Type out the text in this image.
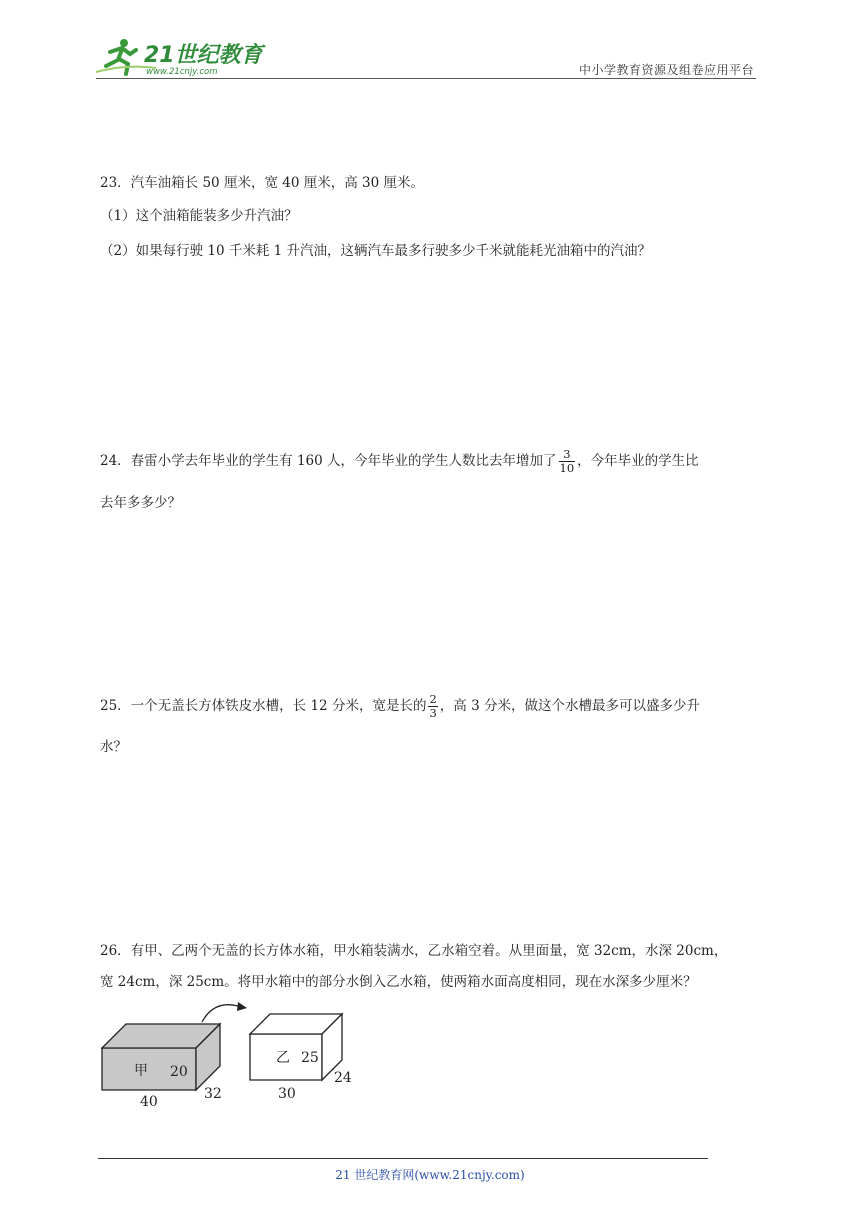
21世纪教育
www.21cnjy.com	中小学教育资源及组卷应用平台
23．汽车油箱长 50 厘米，宽 40 厘米，高 30 厘米。
（1）这个油箱能装多少升汽油？
（2）如果每行驶 10 千米耗 1 升汽油，这辆汽车最多行驶多少千米就能耗光油箱中的汽油？
24．春雷小学去年毕业的学生有 160 人，今年毕业的学生人数比去年增加了 $\frac{3}{10}$ ，今年毕业的学生比
去年多多少？
25．一个无盖长方体铁皮水槽，长 12 分米，宽是长的 $\frac{2}{3}$ ，高 3 分米，做这个水槽最多可以盛多少升
水？
26．有甲、乙两个无盖的长方体水箱，甲水箱装满水，乙水箱空着。从里面量，宽 32cm，水深 20cm，
宽 24cm，深 25cm。将甲水箱中的部分水倒入乙水箱，使两箱水面高度相同，现在水深多少厘米？
甲 20
40	32
乙 25
30
24
21 世纪教育网(www.21cnjy.com)
